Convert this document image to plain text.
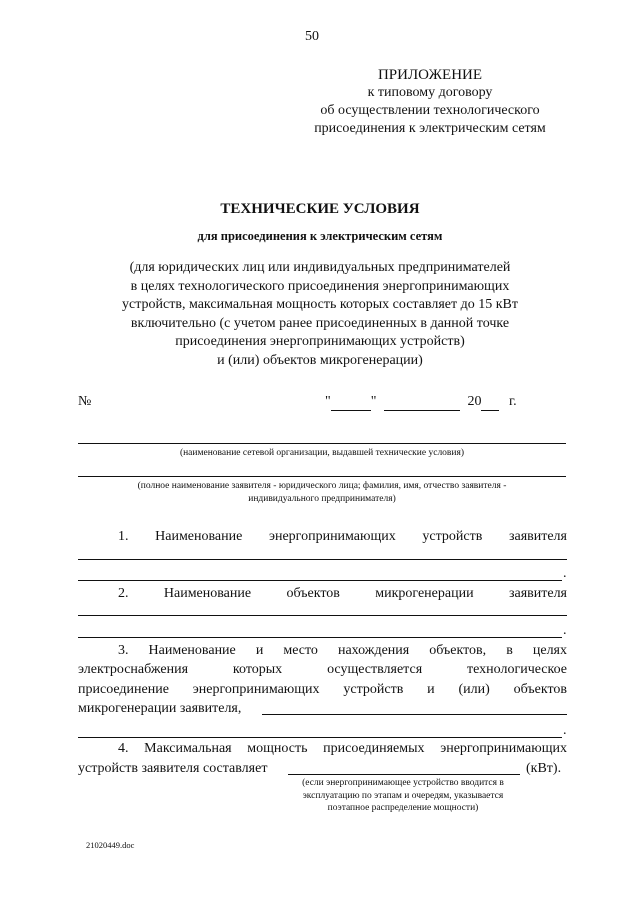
50
ПРИЛОЖЕНИЕ
к типовому договору
об осуществлении технологического
присоединения к электрическим сетям
ТЕХНИЧЕСКИЕ УСЛОВИЯ
для присоединения к электрическим сетям
(для юридических лиц или индивидуальных предпринимателей
в целях технологического присоединения энергопринимающих
устройств, максимальная мощность которых составляет до 15 кВт
включительно (с учетом ранее присоединенных в данной точке
присоединения энергопринимающих устройств)
и (или) объектов микрогенерации)
№	"	"	20 г.
(наименование сетевой организации, выдавшей технические условия)
(полное наименование заявителя - юридического лица; фамилия, имя, отчество заявителя -
индивидуального предпринимателя)
1. Наименование энергопринимающих устройств заявителя
.
2. Наименование объектов микрогенерации заявителя
.
3. Наименование и место нахождения объектов, в целях
электроснабжения которых осуществляется технологическое
присоединение энергопринимающих устройств и (или) объектов
микрогенерации заявителя,
.
4. Максимальная мощность присоединяемых энергопринимающих
устройств заявителя составляет	(кВт).
(если энергопринимающее устройство вводится в
эксплуатацию по этапам и очередям, указывается
поэтапное распределение мощности)
21020449.doc
